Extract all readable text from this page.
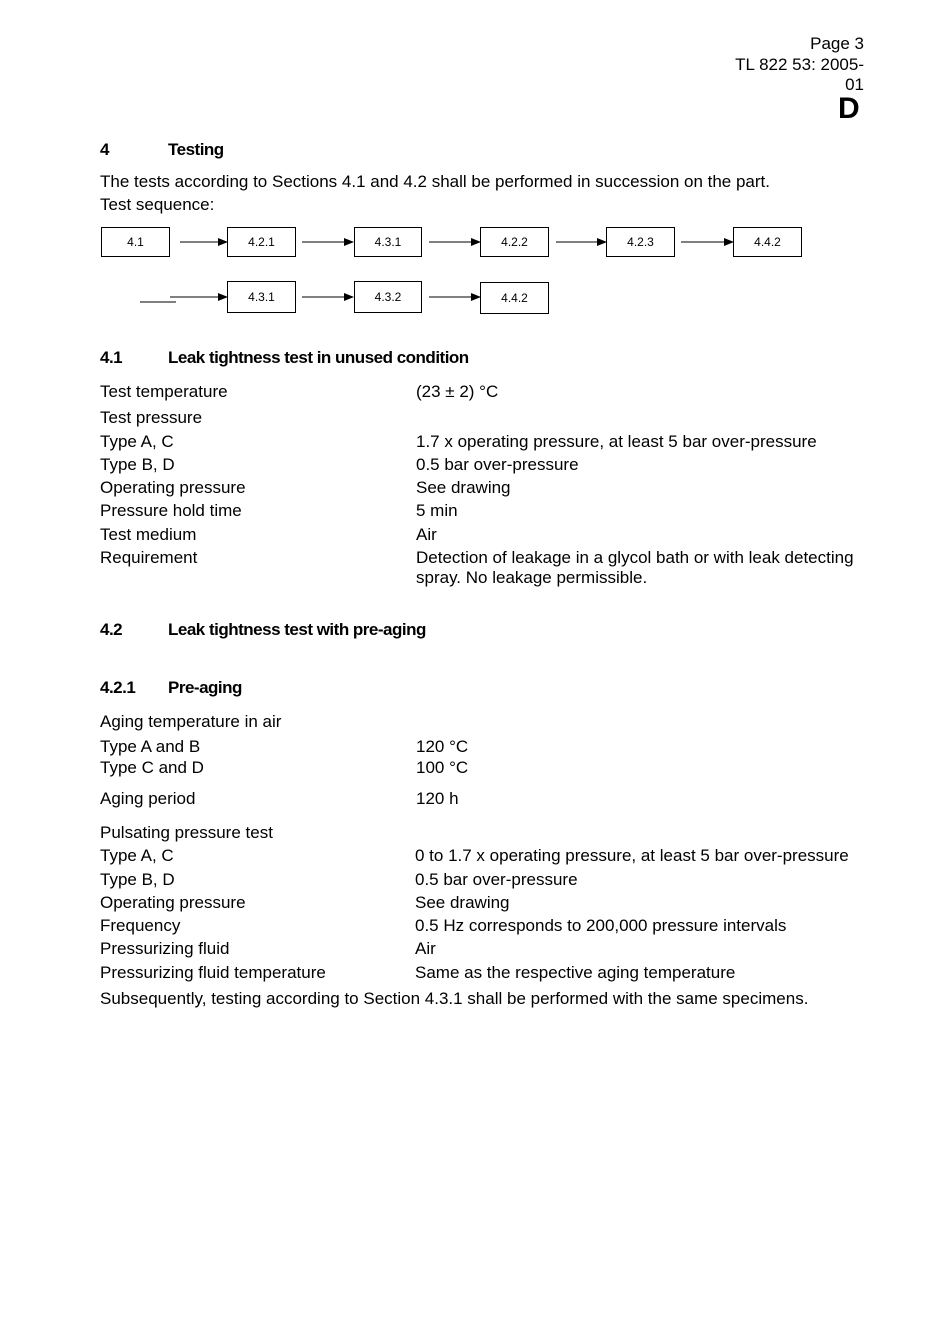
Page 3
TL 822 53: 2005-
01
D
4	Testing
The tests according to Sections 4.1 and 4.2 shall be performed in succession on the part.
Test sequence:
4.1	4.2.1	4.3.1	4.2.2	4.2.3	4.4.2
4.3.1	4.3.2	4.4.2
4.1	Leak tightness test in unused condition
Test temperature	(23 ± 2) °C
Test pressure
Type A, C	1.7 x operating pressure, at least 5 bar over-pressure
Type B, D	0.5 bar over-pressure
Operating pressure	See drawing
Pressure hold time	5 min
Test medium	Air
Requirement	Detection of leakage in a glycol bath or with leak detecting spray. No leakage permissible.
4.2	Leak tightness test with pre-aging
4.2.1 Pre-aging
Aging temperature in air
Type A and B	120 °C
Type C and D	100 °C
Aging period	120 h
Pulsating pressure test
Type A, C	0 to 1.7 x operating pressure, at least 5 bar over-pressure
Type B, D	0.5 bar over-pressure
Operating pressure	See drawing
Frequency	0.5 Hz corresponds to 200,000 pressure intervals
Pressurizing fluid	Air
Pressurizing fluid temperature	Same as the respective aging temperature
Subsequently, testing according to Section 4.3.1 shall be performed with the same specimens.
